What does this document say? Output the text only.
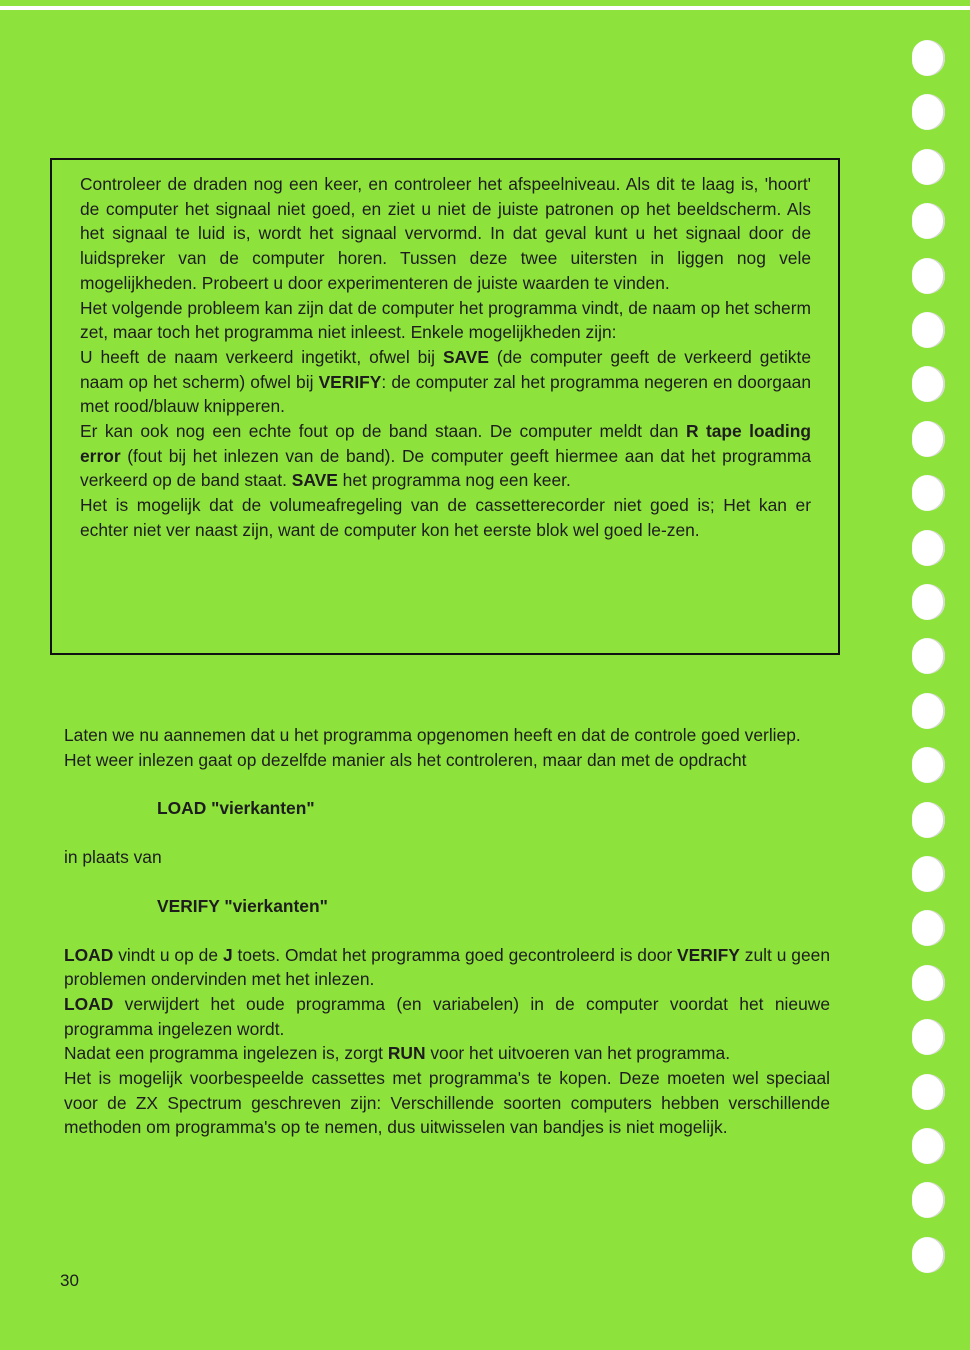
Controleer de draden nog een keer, en controleer het afspeelniveau. Als dit te laag is, 'hoort' de computer het signaal niet goed, en ziet u niet de juiste patronen op het beeldscherm. Als het signaal te luid is, wordt het signaal vervormd. In dat geval kunt u het signaal door de luidspreker van de computer horen. Tussen deze twee uitersten in liggen nog vele mogelijkheden. Probeert u door experimenteren de juiste waarden te vinden.

Het volgende probleem kan zijn dat de computer het programma vindt, de naam op het scherm zet, maar toch het programma niet inleest. Enkele mogelijkheden zijn:

U heeft de naam verkeerd ingetikt, ofwel bij SAVE (de computer geeft de verkeerd getikte naam op het scherm) ofwel bij VERIFY: de computer zal het programma negeren en doorgaan met rood/blauw knipperen.

Er kan ook nog een echte fout op de band staan. De computer meldt dan R tape loading error (fout bij het inlezen van de band). De computer geeft hiermee aan dat het programma verkeerd op de band staat. SAVE het programma nog een keer.

Het is mogelijk dat de volumeafregeling van de cassetterecorder niet goed is; Het kan er echter niet ver naast zijn, want de computer kon het eerste blok wel goed le-zen.

Laten we nu aannemen dat u het programma opgenomen heeft en dat de controle goed verliep.

Het weer inlezen gaat op dezelfde manier als het controleren, maar dan met de opdracht

LOAD "vierkanten"

in plaats van

VERIFY "vierkanten"

LOAD vindt u op de J toets. Omdat het programma goed gecontroleerd is door VERIFY zult u geen problemen ondervinden met het inlezen.

LOAD verwijdert het oude programma (en variabelen) in de computer voordat het nieuwe programma ingelezen wordt.

Nadat een programma ingelezen is, zorgt RUN voor het uitvoeren van het programma.

Het is mogelijk voorbespeelde cassettes met programma's te kopen. Deze moeten wel speciaal voor de ZX Spectrum geschreven zijn: Verschillende soorten computers hebben verschillende methoden om programma's op te nemen, dus uitwisselen van bandjes is niet mogelijk.

30
